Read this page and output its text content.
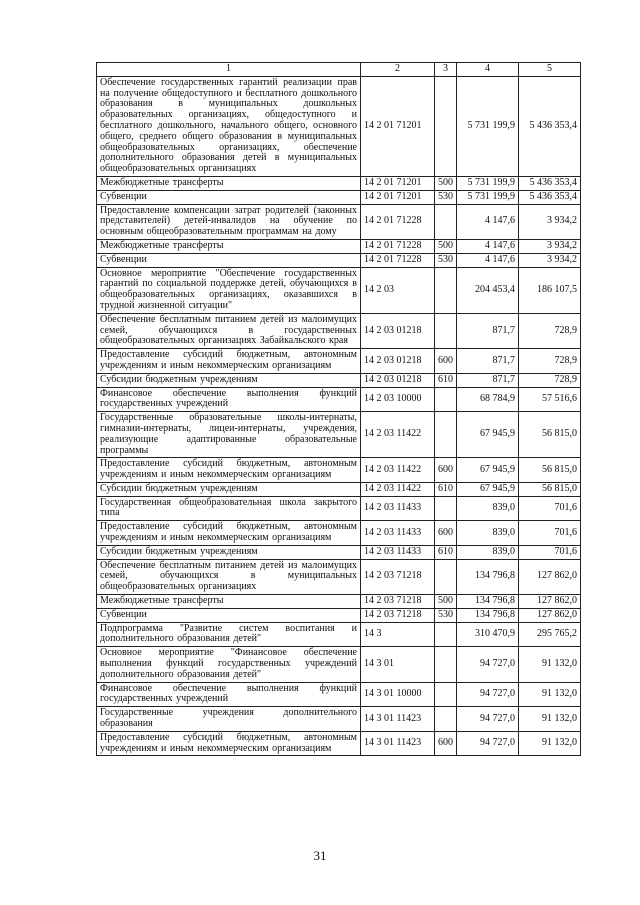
1	2	3	4	5
Обеспечение государственных гарантий реализации прав на получение общедоступного и бесплатного дошкольного образования в муниципальных дошкольных образовательных организациях, общедоступного и бесплатного дошкольного, начального общего, основного общего, среднего общего образования в муниципальных общеобразовательных организациях, обеспечение дополнительного образования детей в муниципальных общеобразовательных организациях	14 2 01 71201		5 731 199,9	5 436 353,4
Межбюджетные трансферты	14 2 01 71201	500	5 731 199,9	5 436 353,4
Субвенции	14 2 01 71201	530	5 731 199,9	5 436 353,4
Предоставление компенсации затрат родителей (законных представителей) детей-инвалидов на обучение по основным общеобразовательным программам на дому	14 2 01 71228		4 147,6	3 934,2
Межбюджетные трансферты	14 2 01 71228	500	4 147,6	3 934,2
Субвенции	14 2 01 71228	530	4 147,6	3 934,2
Основное мероприятие "Обеспечение государственных гарантий по социальной поддержке детей, обучающихся в общеобразовательных организациях, оказавшихся в трудной жизненной ситуации"	14 2 03		204 453,4	186 107,5
Обеспечение бесплатным питанием детей из малоимущих семей, обучающихся в государственных общеобразовательных организациях Забайкальского края	14 2 03 01218		871,7	728,9
Предоставление субсидий бюджетным, автономным учреждениям и иным некоммерческим организациям	14 2 03 01218	600	871,7	728,9
Субсидии бюджетным учреждениям	14 2 03 01218	610	871,7	728,9
Финансовое обеспечение выполнения функций государственных учреждений	14 2 03 10000		68 784,9	57 516,6
Государственные образовательные школы-интернаты, гимназии-интернаты, лицеи-интернаты, учреждения, реализующие адаптированные образовательные программы	14 2 03 11422		67 945,9	56 815,0
Предоставление субсидий бюджетным, автономным учреждениям и иным некоммерческим организациям	14 2 03 11422	600	67 945,9	56 815,0
Субсидии бюджетным учреждениям	14 2 03 11422	610	67 945,9	56 815,0
Государственная общеобразовательная школа закрытого типа	14 2 03 11433		839,0	701,6
Предоставление субсидий бюджетным, автономным учреждениям и иным некоммерческим организациям	14 2 03 11433	600	839,0	701,6
Субсидии бюджетным учреждениям	14 2 03 11433	610	839,0	701,6
Обеспечение бесплатным питанием детей из малоимущих семей, обучающихся в муниципальных общеобразовательных организациях	14 2 03 71218		134 796,8	127 862,0
Межбюджетные трансферты	14 2 03 71218	500	134 796,8	127 862,0
Субвенции	14 2 03 71218	530	134 796,8	127 862,0
Подпрограмма "Развитие систем воспитания и дополнительного образования детей"	14 3		310 470,9	295 765,2
Основное мероприятие "Финансовое обеспечение выполнения функций государственных учреждений дополнительного образования детей"	14 3 01		94 727,0	91 132,0
Финансовое обеспечение выполнения функций государственных учреждений	14 3 01 10000		94 727,0	91 132,0
Государственные учреждения дополнительного образования	14 3 01 11423		94 727,0	91 132,0
Предоставление субсидий бюджетным, автономным учреждениям и иным некоммерческим организациям	14 3 01 11423	600	94 727,0	91 132,0
31
